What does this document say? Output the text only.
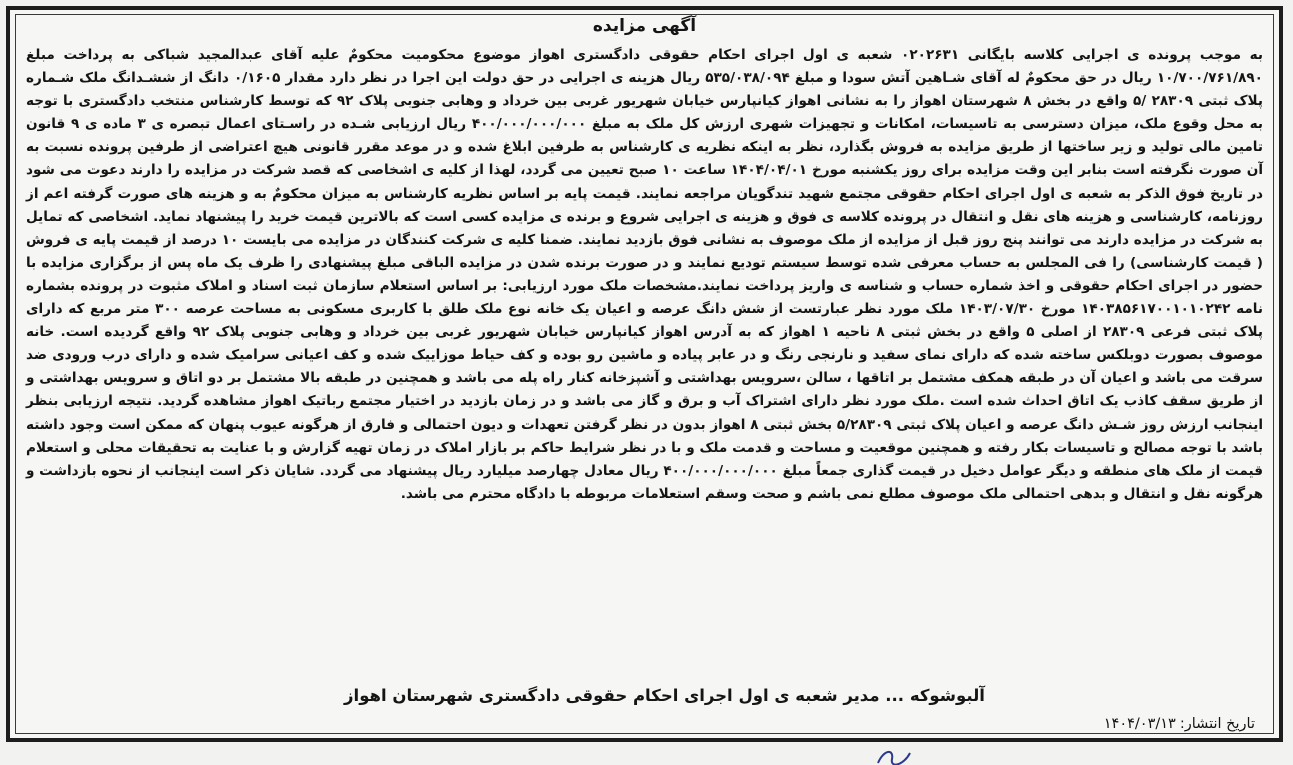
آگهی مزایده
به موجب پرونده ی اجرایی کلاسه بایگانی ۰۲۰۲۶۳۱ شعبه ی اول اجرای احکام حقوقی دادگستری اهواز موضوع محکومیت محکومٌ علیه آقای عبدالمجید شباکی به پرداخت مبلغ ۱۰/۷۰۰/۷۶۱/۸۹۰ ریال در حق محکومٌ له آقای شـاهین آتش سودا و مبلغ ۵۳۵/۰۳۸/۰۹۴ ریال هزینه ی اجرایی در حق دولت این اجرا در نظر دارد مقدار ۰/۱۶۰۵ دانگ از ششـدانگ ملک شـماره پلاک ثبتی ۲۸۳۰۹ /۵ واقع در بخش ۸ شهرستان اهواز را به نشانی اهواز کیانپارس خیابان شهریور غربی بین خرداد و وهابی جنوبی پلاک ۹۲ که توسط کارشناس منتخب دادگستری با توجه به محل وقوع ملک، میزان دسترسی به تاسیسات، امکانات و تجهیزات شهری ارزش کل ملک به مبلغ ۴۰۰/۰۰۰/۰۰۰/۰۰۰ ریال ارزیابی شـده در راسـتای اعمال تبصره ی ۳ ماده ی ۹ قانون تامین مالی تولید و زیر ساختها از طریق مزایده به فروش بگذارد، نظر به اینکه نظریه ی کارشناس به طرفین ابلاغ شده و در موعد مقرر قانونی هیچ اعتراضی از طرفین پرونده نسبت به آن صورت نگرفته است بنابر این وقت مزایده برای روز یکشنبه مورخ ۱۴۰۴/۰۴/۰۱ ساعت ۱۰ صبح تعیین می گردد، لهذا از کلیه ی اشخاصی که قصد شرکت در مزایده را دارند دعوت می شود در تاریخ فوق الذکر به شعبه ی اول اجرای احکام حقوقی مجتمع شهید تندگویان مراجعه نمایند. قیمت پایه بر اساس نظریه کارشناس به میزان محکومٌ به و هزینه های صورت گرفته اعم از روزنامه، کارشناسی و هزینه های نقل و انتقال در پرونده کلاسه ی فوق و هزینه ی اجرایی شروع و برنده ی مزایده کسی است که بالاترین قیمت خرید را پیشنهاد نماید. اشخاصی که تمایل به شرکت در مزایده دارند می توانند پنج روز قبل از مزایده از ملک موصوف به نشانی فوق بازدید نمایند. ضمنا کلیه ی شرکت کنندگان در مزایده می بایست ۱۰ درصد از قیمت پایه ی فروش ( قیمت کارشناسی) را فی المجلس به حساب معرفی شده توسط سیستم تودیع نمایند و در صورت برنده شدن در مزایده الباقی مبلغ پیشنهادی را ظرف یک ماه پس از برگزاری مزایده با حضور در اجرای احکام حقوقی و اخذ شماره حساب و شناسه ی واریز پرداخت نمایند.مشخصات ملک مورد ارزیابی: بر اساس استعلام سازمان ثبت اسناد و املاک مثبوت در پرونده بشماره نامه ۱۴۰۳۸۵۶۱۷۰۰۱۰۱۰۲۴۲ مورخ ۱۴۰۳/۰۷/۳۰ ملک مورد نظر عبارتست از شش دانگ عرصه و اعیان یک خانه نوع ملک طلق با کاربری مسکونی به مساحت عرصه ۳۰۰ متر مربع که دارای پلاک ثبتی فرعی ۲۸۳۰۹ از اصلی ۵ واقع در بخش ثبتی ۸ ناحیه ۱ اهواز که به آدرس اهواز کیانپارس خیابان شهریور غربی بین خرداد و وهابی جنوبی پلاک ۹۲ واقع گردیده است. خانه موصوف بصورت دوبلکس ساخته شده که دارای نمای سفید و نارنجی رنگ و در عابر پیاده و ماشین رو بوده و کف حیاط موزاییک شده و کف اعیانی سرامیک شده و دارای درب ورودی ضد سرقت می باشد و اعیان آن در طبقه همکف مشتمل بر اتاقها ، سالن ،سرویس بهداشتی و آشپزخانه کنار راه پله می باشد و همچنین در طبقه بالا مشتمل بر دو اتاق و سرویس بهداشتی و از طریق سقف کاذب یک اتاق احداث شده است .ملک مورد نظر دارای اشتراک آب و برق و گاز می باشد و در زمان بازدید در اختیار مجتمع رباتیک اهواز مشاهده گردید. نتیجه ارزیابی بنظر اینجانب ارزش روز شـش دانگ عرصه و اعیان پلاک ثبتی ۵/۲۸۳۰۹ بخش ثبتی ۸ اهواز بدون در نظر گرفتن تعهدات و دیون احتمالی و فارق از هرگونه عیوب پنهان که ممکن است وجود داشته باشد با توجه مصالح و تاسیسات بکار رفته و همچنین موقعیت و مساحت و قدمت ملک و با در نظر شرایط حاکم بر بازار املاک در زمان تهیه گزارش و با عنایت به تحقیقات محلی و استعلام قیمت از ملک های منطقه و دیگر عوامل دخیل در قیمت گذاری جمعاً مبلغ ۴۰۰/۰۰۰/۰۰۰/۰۰۰ ریال معادل چهارصد میلیارد ریال پیشنهاد می گردد. شایان ذکر است اینجانب از نحوه بازداشت و هرگونه نقل و انتقال و بدهی احتمالی ملک موصوف مطلع نمی باشم و صحت وسقم استعلامات مربوطه با دادگاه محترم می باشد.
آلبوشوکه ... مدیر شعبه ی اول اجرای احکام حقوقی دادگستری شهرستان اهواز
تاریخ انتشار:۱۴۰۴/۰۳/۱۳
